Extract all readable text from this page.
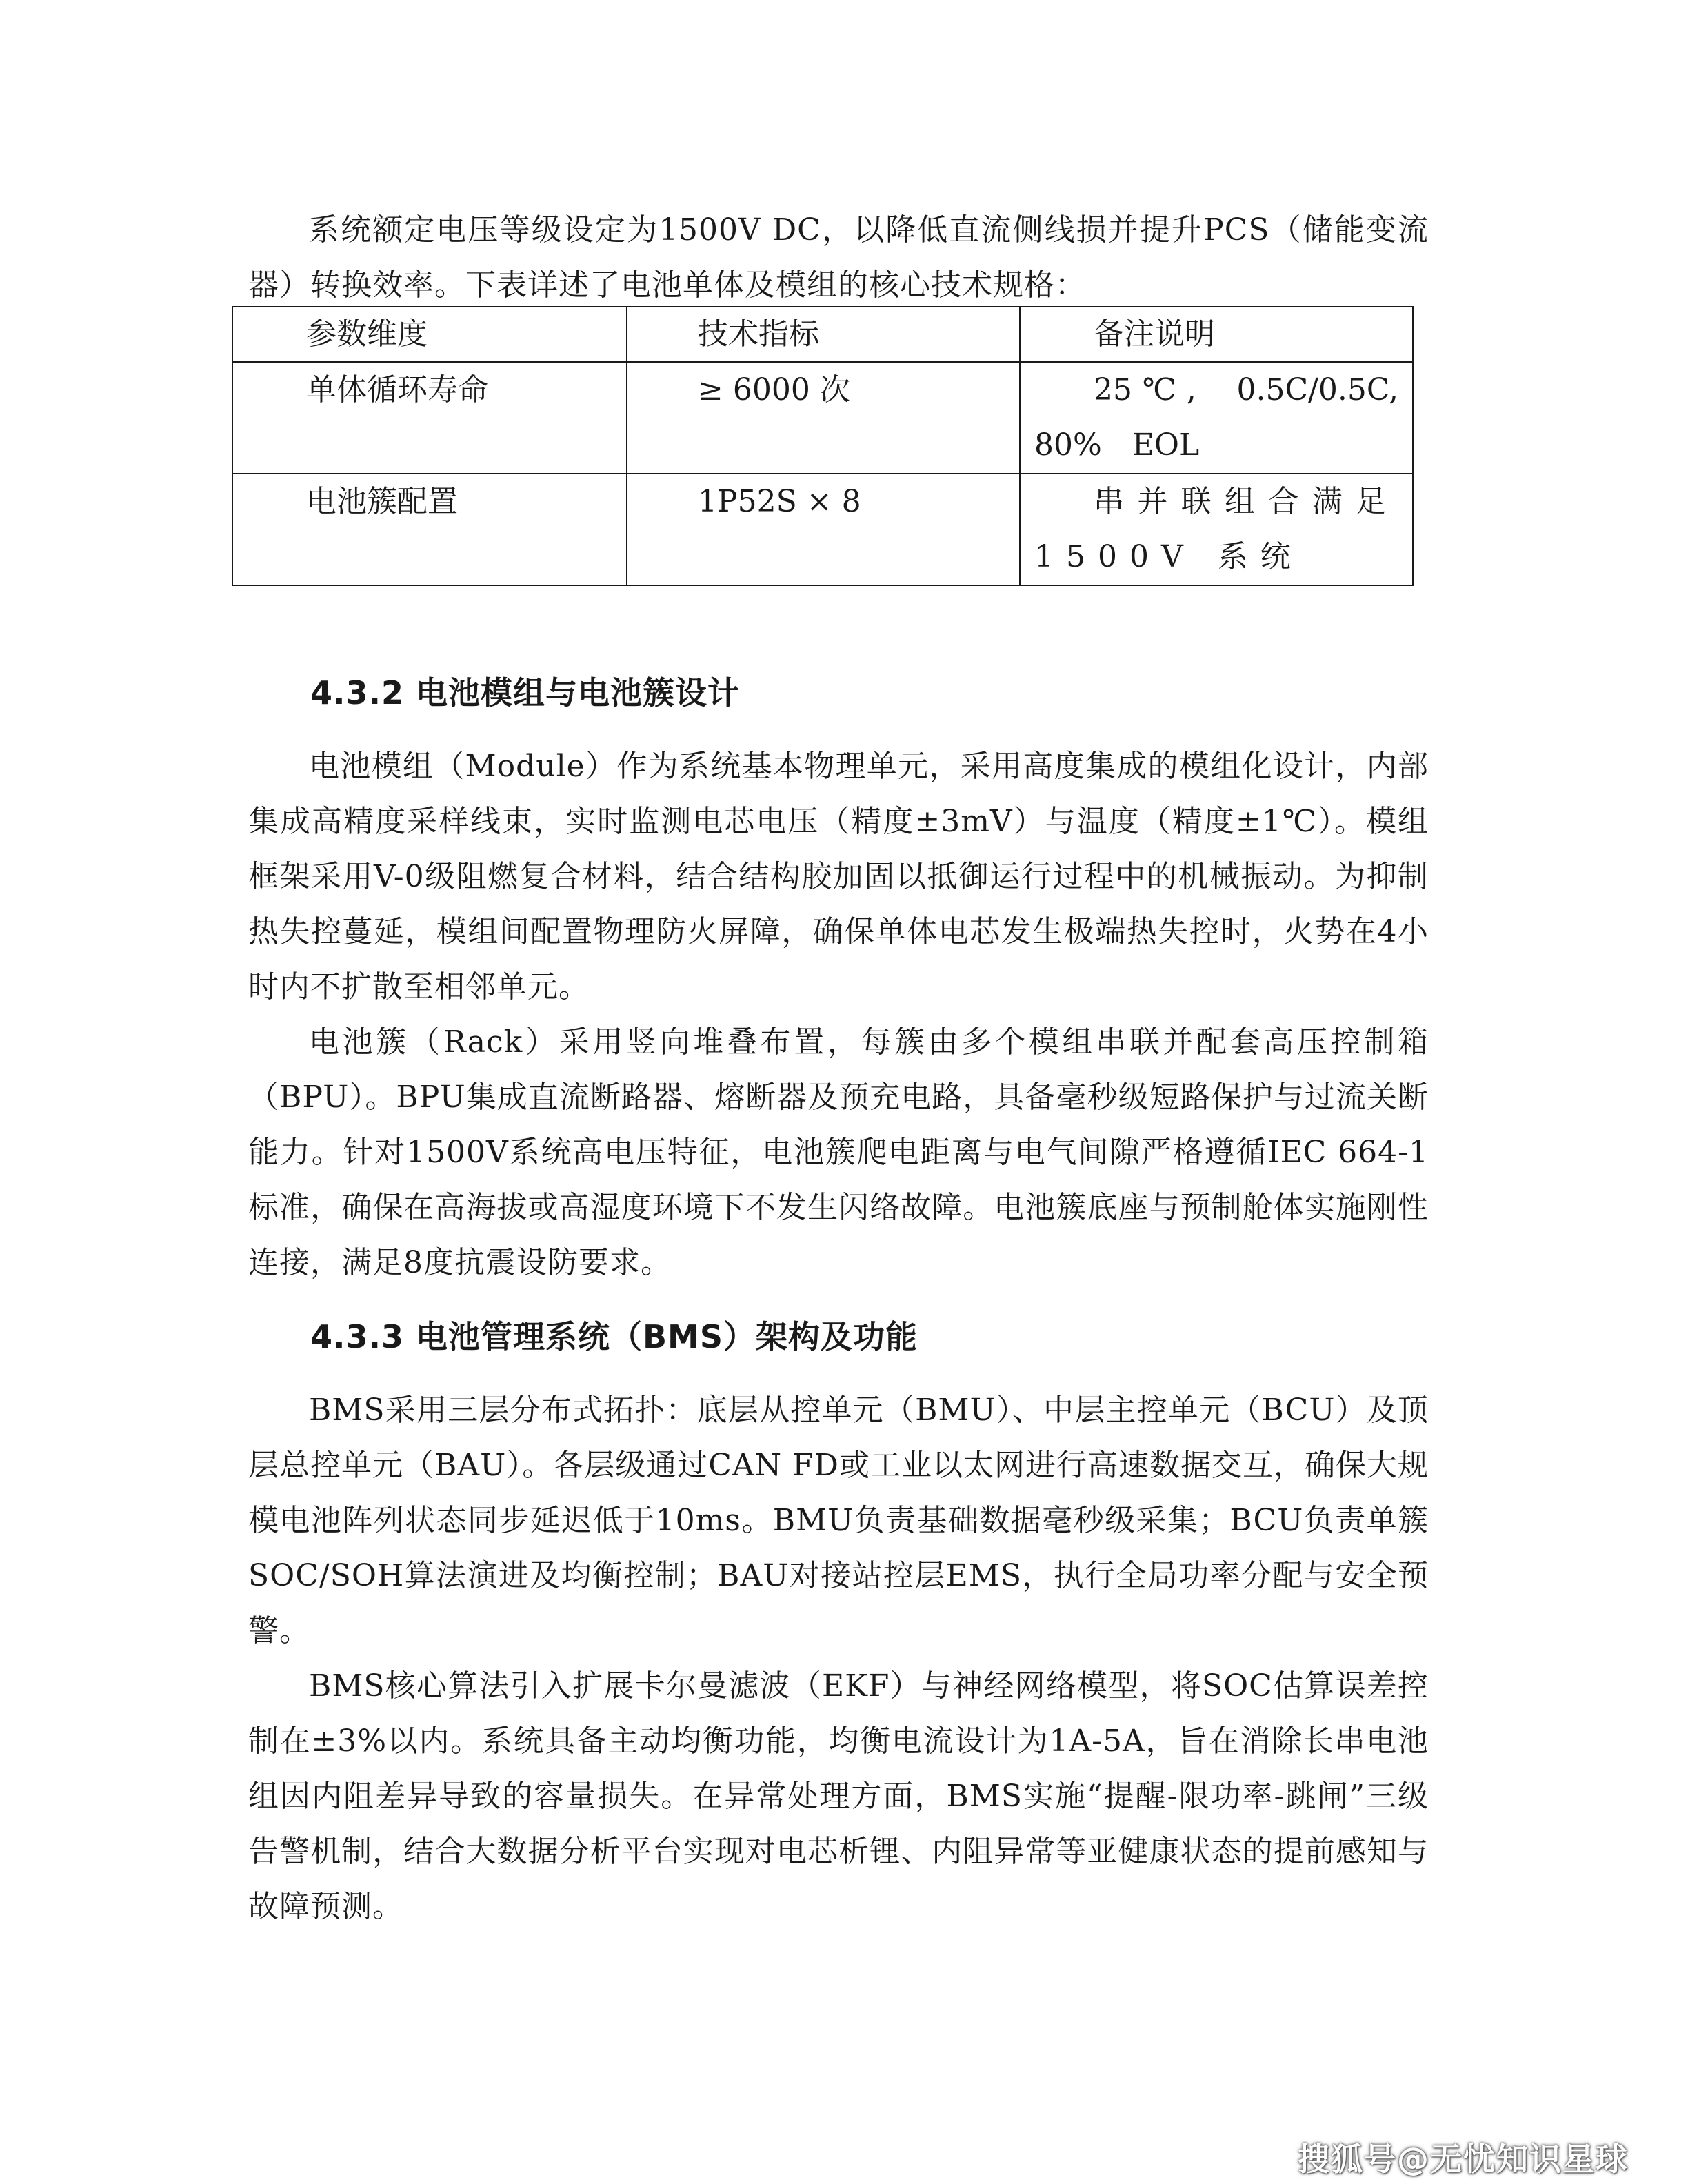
系统额定电压等级设定为1500V DC，以降低直流侧线损并提升PCS（储能变流器）转换效率。下表详述了电池单体及模组的核心技术规格：

参数维度	技术指标	备注说明
单体循环寿命	≥ 6000 次	25℃, 0.5C/0.5C, 80% EOL
电池簇配置	1P52S × 8	串并联组合满足1500V 系统
4.3.2 电池模组与电池簇设计

电池模组（Module）作为系统基本物理单元，采用高度集成的模组化设计，内部集成高精度采样线束，实时监测电芯电压（精度±3mV）与温度（精度±1℃）。模组框架采用V-0级阻燃复合材料，结合结构胶加固以抵御运行过程中的机械振动。为抑制热失控蔓延，模组间配置物理防火屏障，确保单体电芯发生极端热失控时，火势在4小时内不扩散至相邻单元。

电池簇（Rack）采用竖向堆叠布置，每簇由多个模组串联并配套高压控制箱（BPU）。BPU集成直流断路器、熔断器及预充电路，具备毫秒级短路保护与过流关断能力。针对1500V系统高电压特征，电池簇爬电距离与电气间隙严格遵循IEC 664-1标准，确保在高海拔或高湿度环境下不发生闪络故障。电池簇底座与预制舱体实施刚性连接，满足8度抗震设防要求。

4.3.3 电池管理系统（BMS）架构及功能

BMS采用三层分布式拓扑：底层从控单元（BMU）、中层主控单元（BCU）及顶层总控单元（BAU）。各层级通过CAN FD或工业以太网进行高速数据交互，确保大规模电池阵列状态同步延迟低于10ms。BMU负责基础数据毫秒级采集；BCU负责单簇SOC/SOH算法演进及均衡控制；BAU对接站控层EMS，执行全局功率分配与安全预警。

BMS核心算法引入扩展卡尔曼滤波（EKF）与神经网络模型，将SOC估算误差控制在±3%以内。系统具备主动均衡功能，均衡电流设计为1A-5A，旨在消除长串电池组因内阻差异导致的容量损失。在异常处理方面，BMS实施“提醒-限功率-跳闸”三级告警机制，结合大数据分析平台实现对电芯析锂、内阻异常等亚健康状态的提前感知与故障预测。

搜狐号@无忧知识星球
